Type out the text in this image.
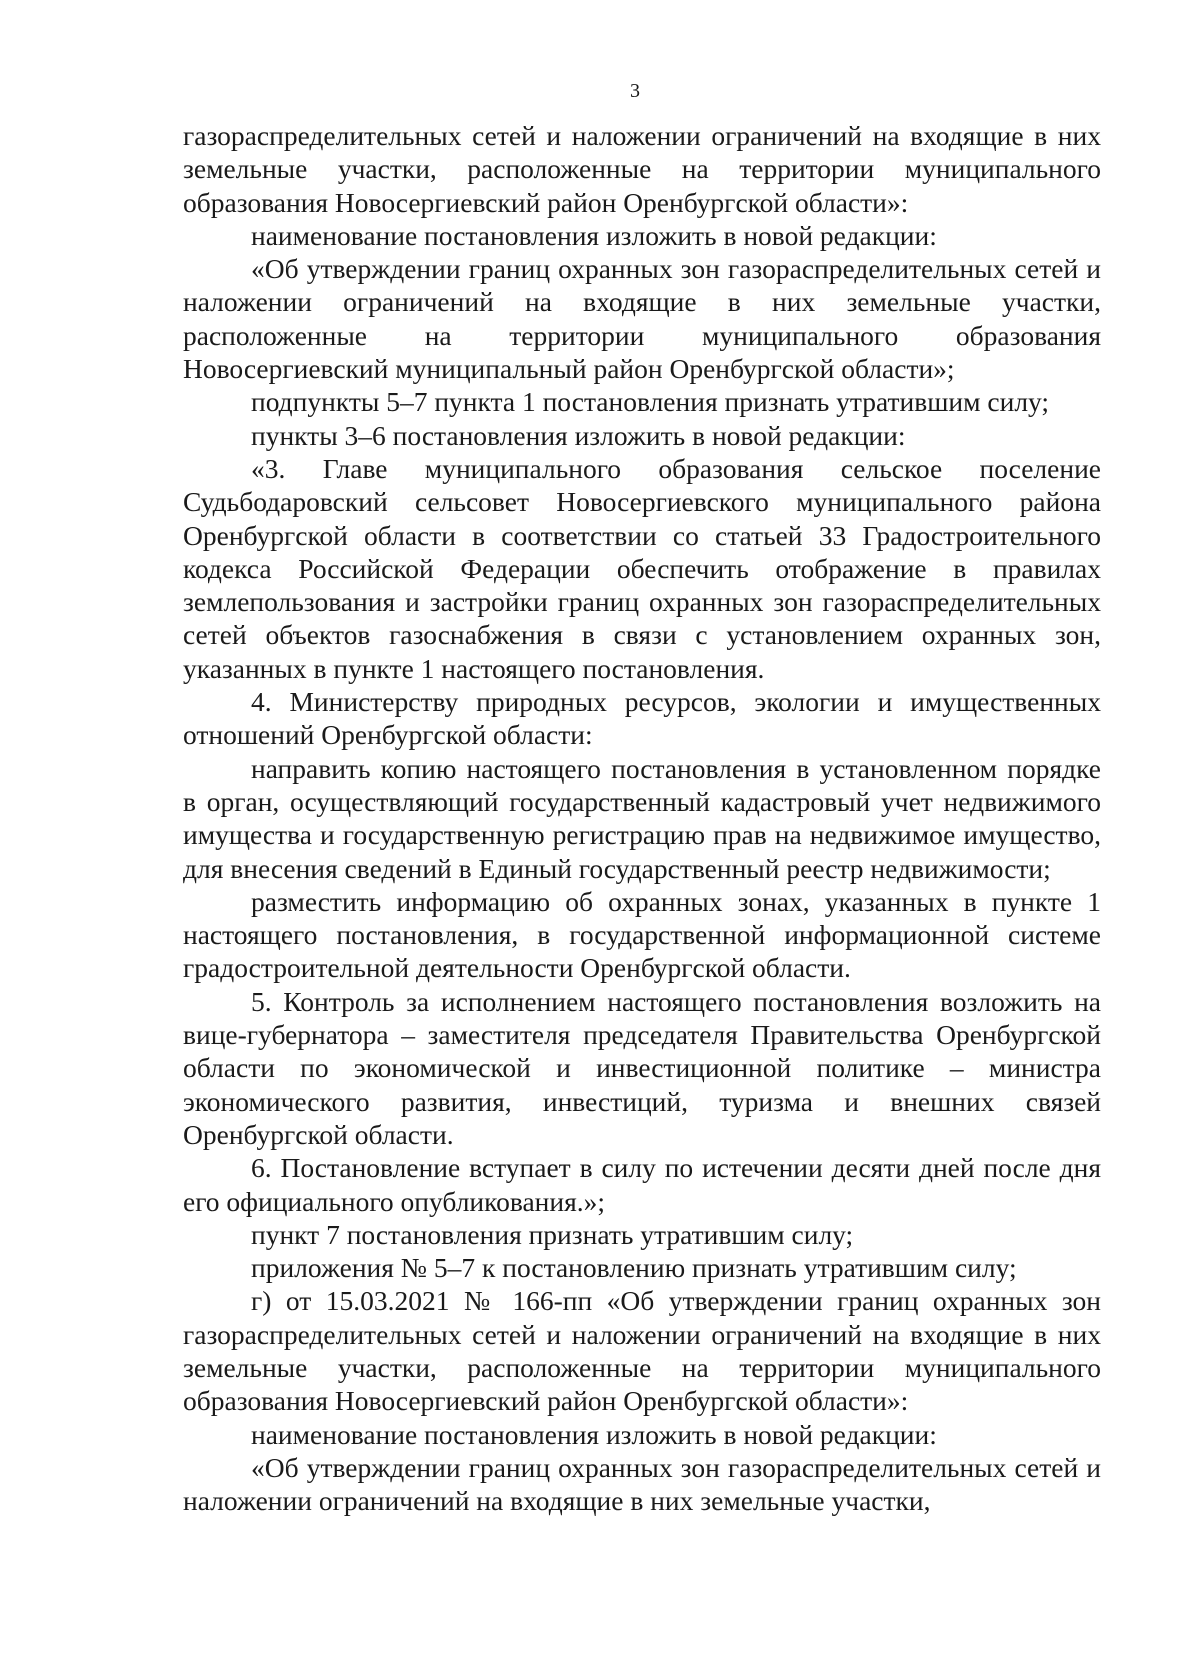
3

газораспределительных сетей и наложении ограничений на входящие в них земельные участки, расположенные на территории муниципального образования Новосергиевский район Оренбургской области»:

наименование постановления изложить в новой редакции:

«Об утверждении границ охранных зон газораспределительных сетей и наложении ограничений на входящие в них земельные участки, расположенные на территории муниципального образования Новосергиевский муниципальный район Оренбургской области»;

подпункты 5–7 пункта 1 постановления признать утратившим силу;

пункты 3–6 постановления изложить в новой редакции:

«3. Главе муниципального образования сельское поселение Судьбодаровский сельсовет Новосергиевского муниципального района Оренбургской области в соответствии со статьей 33 Градостроительного кодекса Российской Федерации обеспечить отображение в правилах землепользования и застройки границ охранных зон газораспределительных сетей объектов газоснабжения в связи с установлением охранных зон, указанных в пункте 1 настоящего постановления.

4. Министерству природных ресурсов, экологии и имущественных отношений Оренбургской области:

направить копию настоящего постановления в установленном порядке в орган, осуществляющий государственный кадастровый учет недвижимого имущества и государственную регистрацию прав на недвижимое имущество, для внесения сведений в Единый государственный реестр недвижимости;

разместить информацию об охранных зонах, указанных в пункте 1 настоящего постановления, в государственной информационной системе градостроительной деятельности Оренбургской области.

5. Контроль за исполнением настоящего постановления возложить на вице-губернатора – заместителя председателя Правительства Оренбургской области по экономической и инвестиционной политике – министра экономического развития, инвестиций, туризма и внешних связей Оренбургской области.

6. Постановление вступает в силу по истечении десяти дней после дня его официального опубликования.»;

пункт 7 постановления признать утратившим силу;

приложения № 5–7 к постановлению признать утратившим силу;

г) от 15.03.2021 № 166-пп «Об утверждении границ охранных зон газораспределительных сетей и наложении ограничений на входящие в них земельные участки, расположенные на территории муниципального образования Новосергиевский район Оренбургской области»:

наименование постановления изложить в новой редакции:

«Об утверждении границ охранных зон газораспределительных сетей и наложении ограничений на входящие в них земельные участки,
